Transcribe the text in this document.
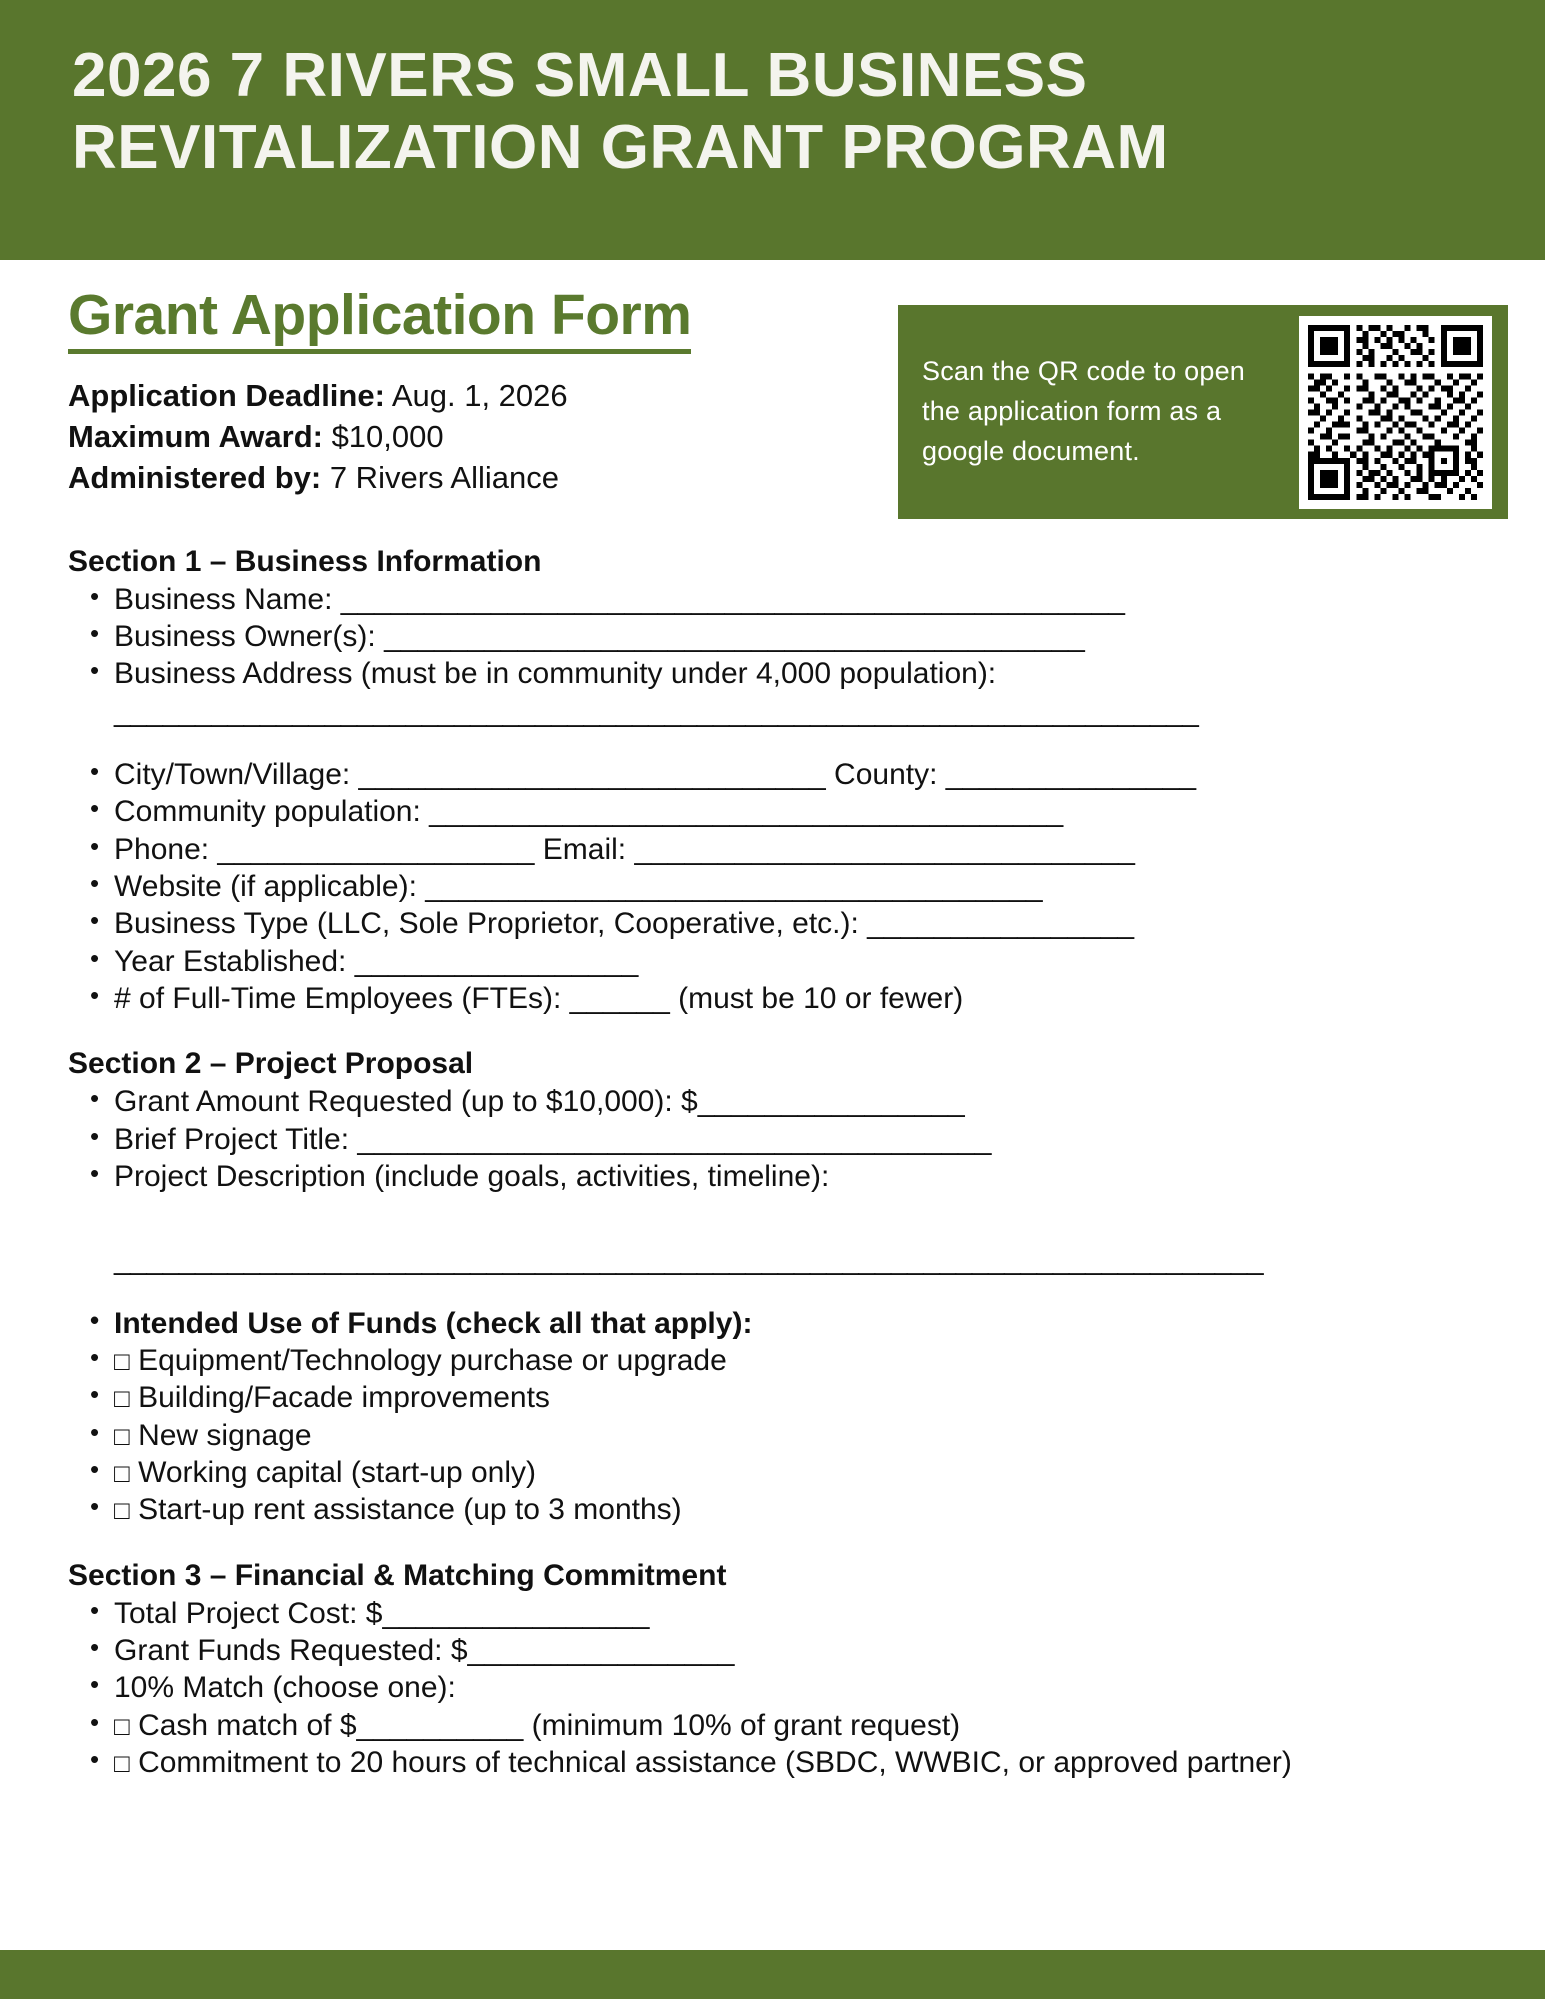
2026 7 RIVERS SMALL BUSINESS
REVITALIZATION GRANT PROGRAM
Grant Application Form
Application Deadline: Aug. 1, 2026
Maximum Award: $10,000
Administered by: 7 Rivers Alliance
Scan the QR code to open the application form as a google document.
Section 1 – Business Information
• Business Name: _______________________________________________
• Business Owner(s): __________________________________________
• Business Address (must be in community under 4,000 population):
___________________________________________________________________
• City/Town/Village: ____________________________ County: _______________
• Community population: ______________________________________
• Phone: ___________________ Email: ______________________________
• Website (if applicable): _____________________________________
• Business Type (LLC, Sole Proprietor, Cooperative, etc.): ________________
• Year Established: _________________
• # of Full-Time Employees (FTEs): ______ (must be 10 or fewer)
Section 2 – Project Proposal
• Grant Amount Requested (up to $10,000): $________________
• Brief Project Title: ______________________________________
• Project Description (include goals, activities, timeline):
_______________________________________________________________________
• Intended Use of Funds (check all that apply):
• □ Equipment/Technology purchase or upgrade
• □ Building/Facade improvements
• □ New signage
• □ Working capital (start-up only)
• □ Start-up rent assistance (up to 3 months)
Section 3 – Financial & Matching Commitment
• Total Project Cost: $________________
• Grant Funds Requested: $________________
• 10% Match (choose one):
• □ Cash match of $__________ (minimum 10% of grant request)
• □ Commitment to 20 hours of technical assistance (SBDC, WWBIC, or approved partner)
